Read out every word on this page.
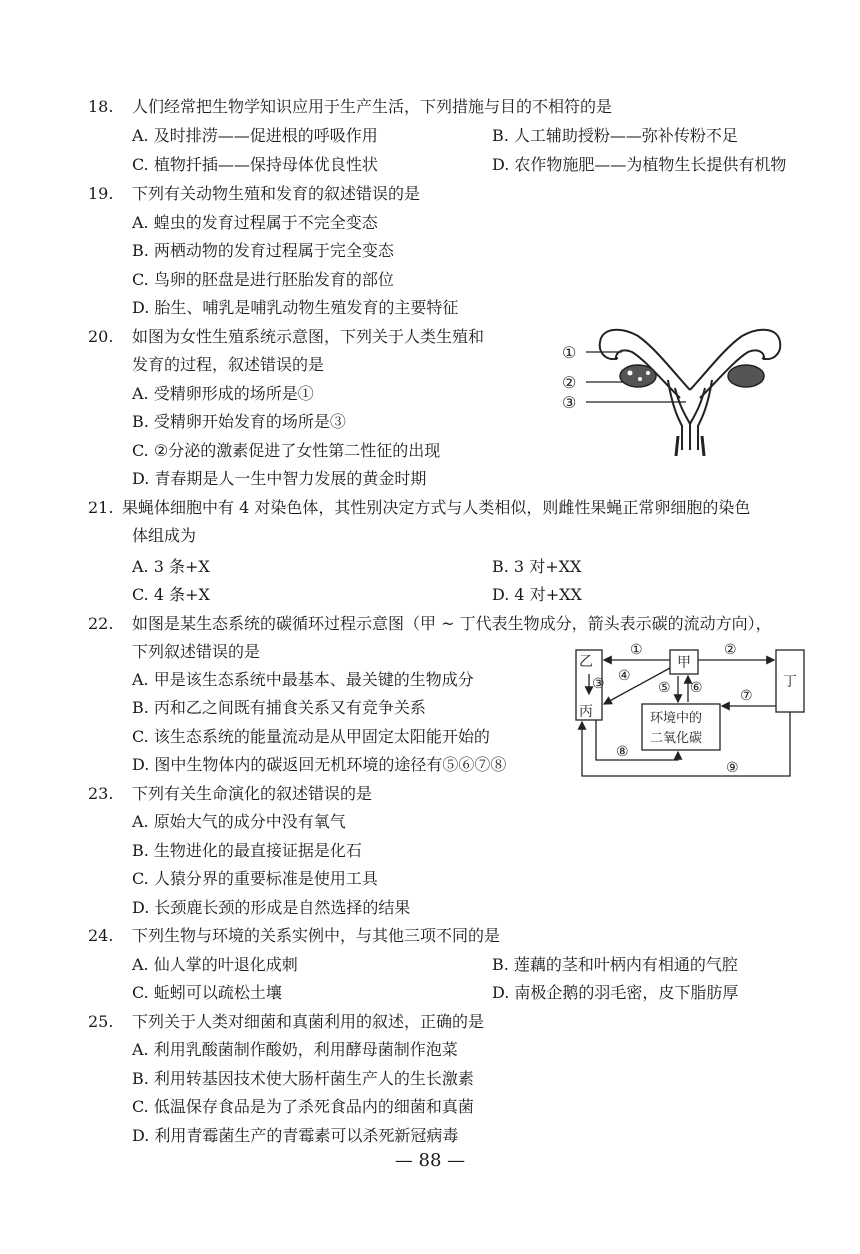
18. 人们经常把生物学知识应用于生产生活，下列措施与目的不相符的是
A. 及时排涝——促进根的呼吸作用	B. 人工辅助授粉——弥补传粉不足
C. 植物扦插——保持母体优良性状	D. 农作物施肥——为植物生长提供有机物
19. 下列有关动物生殖和发育的叙述错误的是
A. 蝗虫的发育过程属于不完全变态
B. 两栖动物的发育过程属于完全变态
C. 鸟卵的胚盘是进行胚胎发育的部位
D. 胎生、哺乳是哺乳动物生殖发育的主要特征
20. 如图为女性生殖系统示意图，下列关于人类生殖和
发育的过程，叙述错误的是
A. 受精卵形成的场所是①
B. 受精卵开始发育的场所是③
C. ②分泌的激素促进了女性第二性征的出现
D. 青春期是人一生中智力发展的黄金时期
①
②
③
21. 果蝇体细胞中有 4 对染色体，其性别决定方式与人类相似，则雌性果蝇正常卵细胞的染色
体组成为
A. 3 条+X	B. 3 对+XX
C. 4 条+X	D. 4 对+XX
22. 如图是某生态系统的碳循环过程示意图（甲 ~ 丁代表生物成分，箭头表示碳的流动方向），
下列叙述错误的是
A. 甲是该生态系统中最基本、最关键的生物成分
B. 丙和乙之间既有捕食关系又有竞争关系
C. 该生态系统的能量流动是从甲固定太阳能开始的
D. 图中生物体内的碳返回无机环境的途径有⑤⑥⑦⑧
乙	甲
丙
丁
环境中的
二氧化碳
①	②
③ ④
⑤ ⑥	⑦
⑧
⑨
23. 下列有关生命演化的叙述错误的是
A. 原始大气的成分中没有氧气
B. 生物进化的最直接证据是化石
C. 人猿分界的重要标准是使用工具
D. 长颈鹿长颈的形成是自然选择的结果
24. 下列生物与环境的关系实例中，与其他三项不同的是
A. 仙人掌的叶退化成刺	B. 莲藕的茎和叶柄内有相通的气腔
C. 蚯蚓可以疏松土壤	D. 南极企鹅的羽毛密，皮下脂肪厚
25. 下列关于人类对细菌和真菌利用的叙述，正确的是
A. 利用乳酸菌制作酸奶，利用酵母菌制作泡菜
B. 利用转基因技术使大肠杆菌生产人的生长激素
C. 低温保存食品是为了杀死食品内的细菌和真菌
D. 利用青霉菌生产的青霉素可以杀死新冠病毒
— 88 —
